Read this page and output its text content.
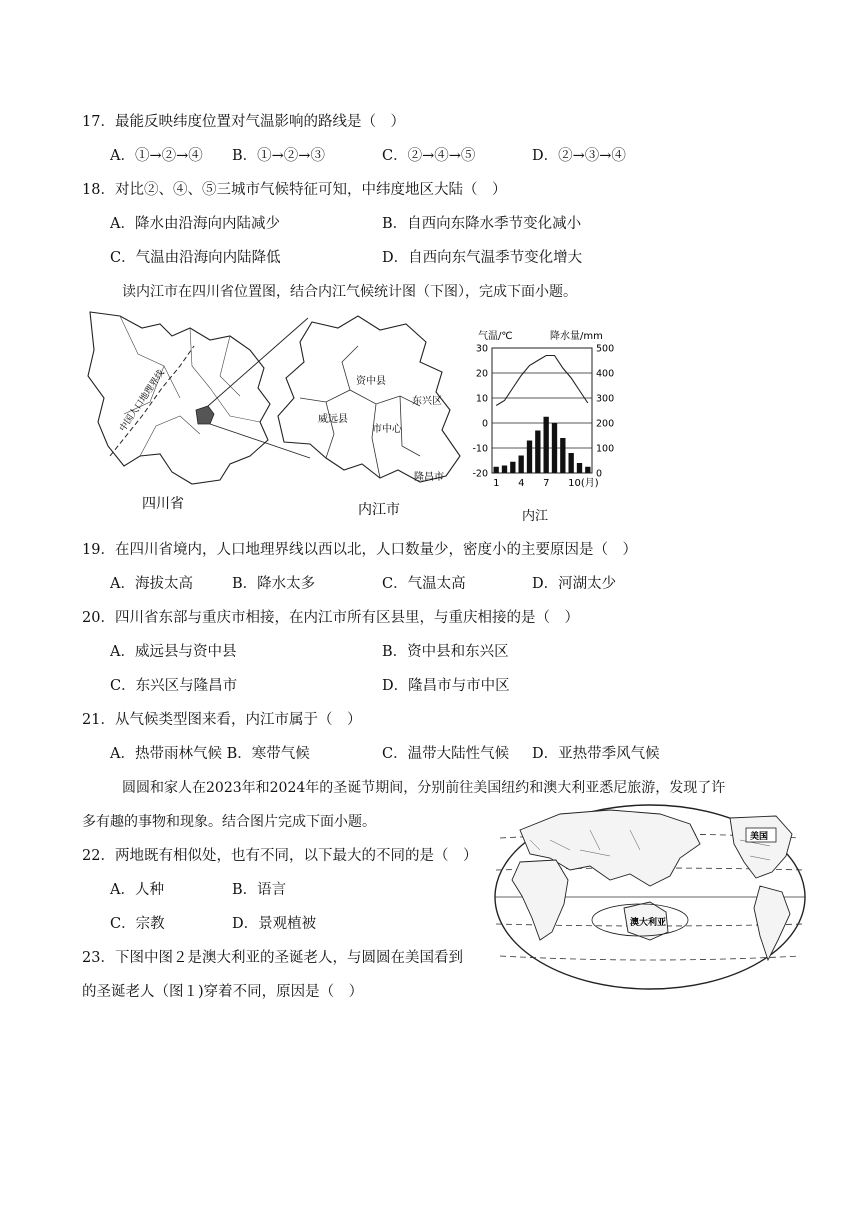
17．最能反映纬度位置对气温影响的路线是（　）
A．①→②→④ B．①→②→③	C．②→④→⑤	D．②→③→④
18．对比②、④、⑤三城市气候特征可知，中纬度地区大陆（　）
A．降水由沿海向内陆减少	B．自西向东降水季节变化减小
C．气温由沿海向内陆降低	D．自西向东气温季节变化增大
读内江市在四川省位置图，结合内江气候统计图（下图），完成下面小题。
中国人口地理界线
四川省
资中县
东兴区
威远县
市中心
隆昌市
内江市
气温/℃	降水量/mm
30	500
20	400
10	300
0	200
-10	100
-20	0
1 4 7 10(月)
内江
19．在四川省境内，人口地理界线以西以北，人口数量少，密度小的主要原因是（　）
A．海拔太高	B．降水太多	C．气温太高	D．河湖太少
20．四川省东部与重庆市相接，在内江市所有区县里，与重庆相接的是（　）
A．威远县与资中县	B．资中县和东兴区
C．东兴区与隆昌市	D．隆昌市与市中区
21．从气候类型图来看，内江市属于（　）
A．热带雨林气候 B．寒带气候	C．温带大陆性气候 D．亚热带季风气候
圆圆和家人在2023年和2024年的圣诞节期间，分别前往美国纽约和澳大利亚悉尼旅游，发现了许
多有趣的事物和现象。结合图片完成下面小题。
22．两地既有相似处，也有不同，以下最大的不同的是（　）
A．人种	B．语言
C．宗教	D．景观植被
23．下图中图２是澳大利亚的圣诞老人，与圆圆在美国看到
的圣诞老人（图１)穿着不同，原因是（　）
美国
澳大利亚
